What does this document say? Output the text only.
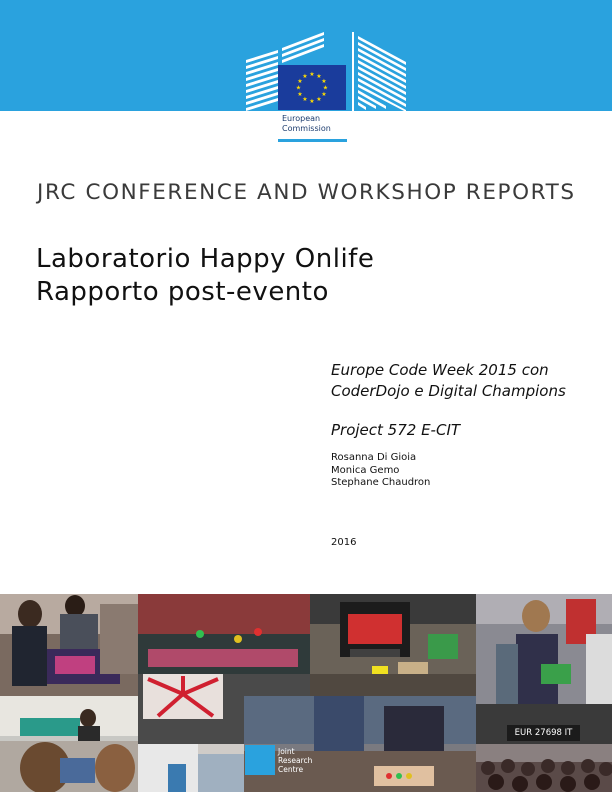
★ ★
★
★
★
★
★
★
★
★
★
★
European
Commission
JRC CONFERENCE AND WORKSHOP REPORTS
Laboratorio Happy Onlife
Rapporto post-evento
Europe Code Week 2015 con
CoderDojo e Digital Champions
Project 572 E-CIT
Rosanna Di Gioia
Monica Gemo
Stephane Chaudron
2016
Joint
Research
Centre
EUR 27698 IT
